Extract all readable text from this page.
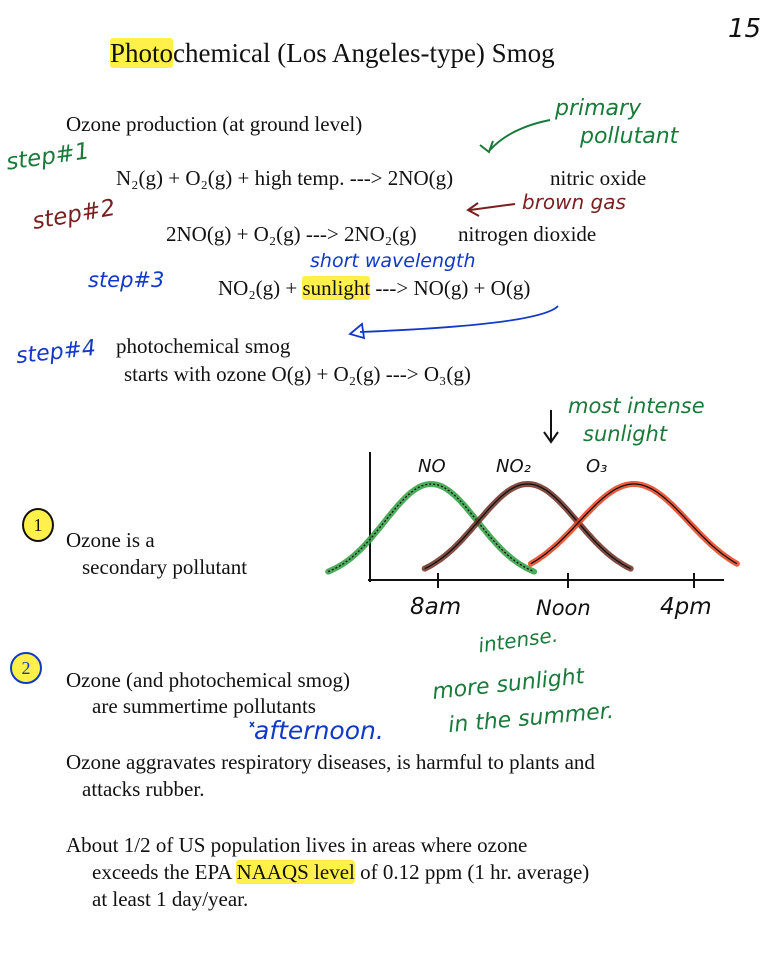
15
Photochemical (Los Angeles-type) Smog
Ozone production (at ground level)
primary
pollutant
step#1
N₂(g) + O₂(g) + high temp. ---> 2NO(g)	nitric oxide
brown gas
step#2 2NO(g) + O₂(g) ---> 2NO₂(g) nitrogen dioxide
short wavelength
step#3	NO₂(g) + sunlight ---> NO(g) + O(g)
step#4 photochemical smog
starts with ozone O(g) + O₂(g) ---> O₃(g)
most intense
sunlight
1
Ozone is a
secondary pollutant
NO	NO₂	O₃
8am	Noon	4pm
2	Ozone (and photochemical smog)
are summertime pollutants
intense.
more sunlight
in the summer.
afternoon.
Ozone aggravates respiratory diseases, is harmful to plants and
attacks rubber.
About 1/2 of US population lives in areas where ozone
exceeds the EPA NAAQS level of 0.12 ppm (1 hr. average)
at least 1 day/year.
